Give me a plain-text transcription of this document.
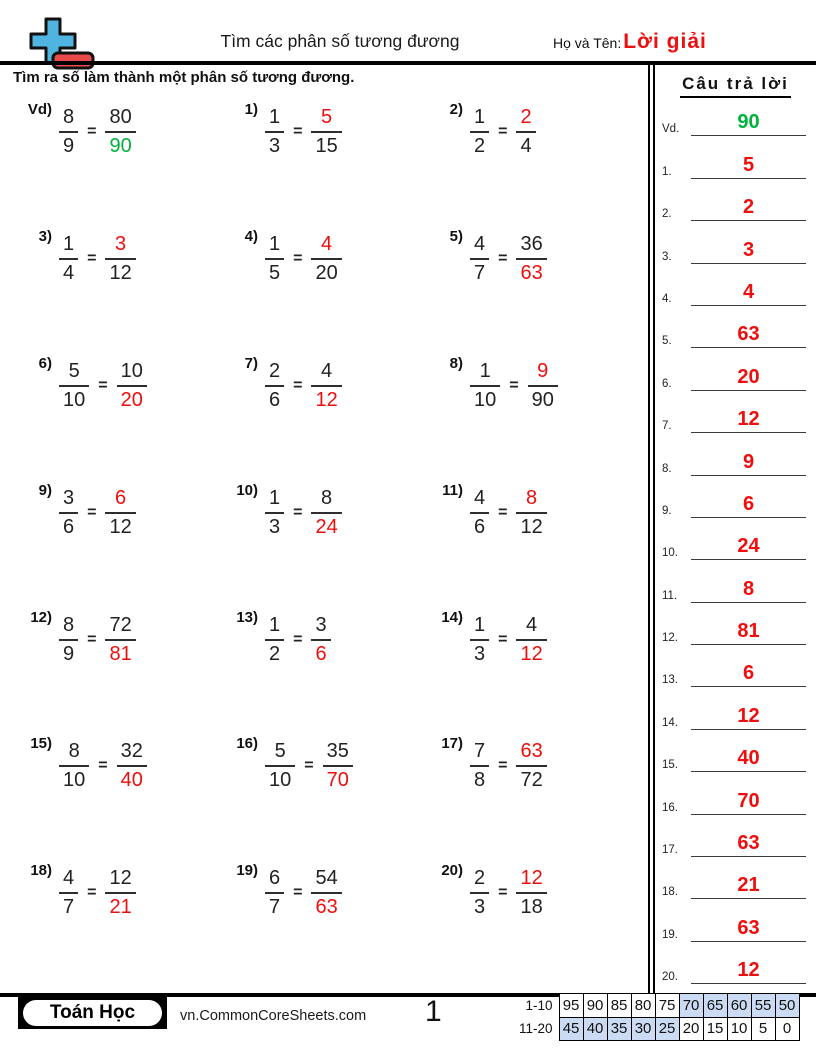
Tìm các phân số tương đương	Họ và Tên: Lời giải
Tìm ra số làm thành một phân số tương đương.
$Vd) \frac{8}{9} = \frac{80}{90}$	$1) \frac{1}{3} = \frac{5}{15}$	$2) \frac{1}{2} = \frac{2}{4}$
$3) \frac{1}{4} = \frac{3}{12}$	$4) \frac{1}{5} = \frac{4}{20}$	$5) \frac{4}{7} = \frac{36}{63}$
$6) \frac{5}{10} = \frac{10}{20}$	$7) \frac{2}{6} = \frac{4}{12}$	$8) \frac{1}{10} = \frac{9}{90}$
$9) \frac{3}{6} = \frac{6}{12}$	$10) \frac{1}{3} = \frac{8}{24}$	$11) \frac{4}{6} = \frac{8}{12}$
$12) \frac{8}{9} = \frac{72}{81}$	$13) \frac{1}{2} = \frac{3}{6}$	$14) \frac{1}{3} = \frac{4}{12}$
$15) \frac{8}{10} = \frac{32}{40}$	$16) \frac{5}{10} = \frac{35}{70}$	$17) \frac{7}{8} = \frac{63}{72}$
$18) \frac{4}{7} = \frac{12}{21}$	$19) \frac{6}{7} = \frac{54}{63}$	$20) \frac{2}{3} = \frac{12}{18}$
Câu trả lời
Vd.	90
1.	5
2.	2
3.	3
4.	4
5.	63
6.	20
7.	12
8.	9
9.	6
10.	24
11.	8
12.	81
13.	6
14.	12
15.	40
16.	70
17.	63
18.	21
19.	63
20.	12
Toán Học	vn.CommonCoreSheets.com 1	1-10	95	90	85	80	75	70	65	60	55	50
11-20	45	40	35	30	25	20	15	10	5	0
